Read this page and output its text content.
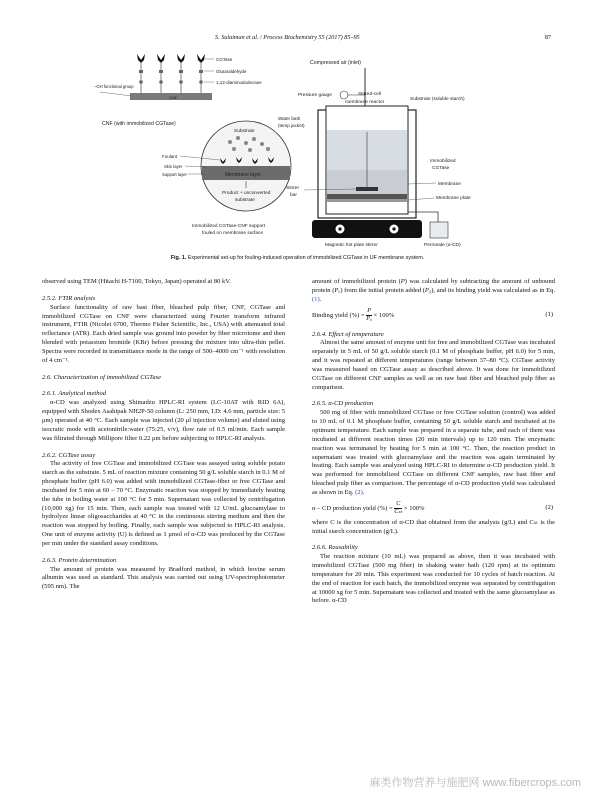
S. Sulaiman et al. / Process Biochemistry 55 (2017) 85–95	87
CGTase
Glutaraldehyde
1,12-diaminododecane
CNF
–OH functional group
CNF (with immobilized CGTase)
Membrane layer
Substrate
Foulant
Skin layer
Support layer
Product + unconverted
substrate
Immobilized CGTase-CNF support
fouled on membrane surface
Compressed air (inlet)
Pressure gauge	Stirred-cell
membrane reactor
Substrate (soluble starch)
Water bath
(temp jacket)
Stirrer
bar
Immobilized
CGTase
Membrane
Membrane plate
Magnetic hot plate stirrer	Permeate (α-CD)
Fig. 1. Experimental set-up for fouling-induced operation of immobilized CGTase in UF membrane system.

observed using TEM (Hitachi H-7100, Tokyo, Japan) operated at 80 kV.

2.5.2. FTIR analysis

Surface functionality of raw bast fiber, bleached pulp fiber, CNF, CGTase and immobilized CGTase on CNF were characterized using Fourier transform infrared instrument, FTIR (Nicolet 6700, Thermo Fisher Scientific, Inc., USA) with attenuated total reflectance (ATR). Each dried sample was ground into powder by fiber microtome and then blended with potassium bromide (KBr) before pressing the mixture into ultra-thin pellet. Spectra were recorded in transmittance mode in the range of 500–4000 cm⁻¹ with resolution of 4 cm⁻¹.

2.6. Characterization of immobilized CGTase

2.6.1. Analytical method

α-CD was analyzed using Shimadzu HPLC-RI system (LC-10AT with RID 6A), equipped with Shodex Asahipak NH2P-50 column (L: 250 mm, I.D: 4.6 mm, particle size: 5 μm) operated at 40 °C. Each sample was injected (20 μl injection volume) and eluted using isocratic mode with acetonitrile:water (75:25, v/v), flow rate of 0.5 ml/min. Each sample was filtrated through Millipore filter 0.22 μm before subjecting to HPLC-RI analysis.

2.6.2. CGTase assay

The activity of free CGTase and immobilized CGTase was assayed using soluble potato starch as the substrate. 5 mL of reaction mixture containing 50 g/L soluble starch in 0.1 M of phosphate buffer (pH 6.0) was added with immobilized CGTase-fiber or free CGTase and incubated for 5 min at 60 – 70 °C. Enzymatic reaction was stopped by immediately heating the tube in boiling water at 100 °C for 5 min. Supernatant was collected by centrifugation (10,000 xg) for 15 min. Then, each sample was treated with 12 U/mL glucoamylase to hydrolyze linear oligosaccharides at 40 °C in the continuous stirring medium and then the reaction was stopped by boiling. Finally, each sample was subjected to HPLC-RI analysis. One unit of enzyme activity (U) is defined as 1 μmol of α-CD was produced by the CGTase per min under the standard assay conditions.

2.6.3. Protein determination

The amount of protein was measured by Bradford method, in which bovine serum albumin was used as standard. This analysis was carried out using UV-spectrophotometer (595 nm). The

amount of immobilized protein (P) was calculated by subtracting the amount of unbound protein (Pᵤ) from the initial protein added (P₀), and its binding yield was calculated as in Eq. (1).

Binding yield (%) = $\frac{P}{\text{P₀}} \times 100\%$	(1)

2.6.4. Effect of temperature

Almost the same amount of enzyme unit for free and immobilized CGTase was incubated separately in 5 mL of 50 g/L soluble starch (0.1 M of phosphate buffer, pH 6.0) for 5 min, and it was repeated at different temperatures (range between 37–80 °C). CGTase activity was measured based on CGTase assay as described above. It was done for immobilized CGTase on different CNF samples as well as on raw bast fiber and bleached pulp fiber as comparison.

2.6.5. α-CD production

500 mg of fiber with immobilized CGTase or free CGTase solution (control) was added to 10 mL of 0.1 M phosphate buffer, containing 50 g/L soluble starch and incubated at its optimum temperature. Each sample was prepared in a separate tube, and each of them was incubated at different reaction times (20 min intervals) up to 120 min. The enzymatic reaction was terminated by heating for 5 min at 100 °C. Then, the reaction product in supernatant was treated with glucoamylase and the reaction was again terminated by heating. Each sample was analyzed using HPLC-RI to determine α-CD production yield. It was performed for immobilized CGTase on different CNF samples, raw bast fiber and bleached pulp fiber as comparison. The percentage of α-CD production yield was calculated as shown in Eq. (2).

α – CD production yield (%) = $\frac{C}{\text{Cₛₜ}} \times 100\%$	(2)

where C is the concentration of α-CD that obtained from the analysis (g/L) and Cₛₜ is the initial starch concentration (g/L).

2.6.6. Reusability

The reaction mixture (10 mL) was prepared as above, then it was incubated with immobilized CGTase (500 mg fiber) in shaking water bath (120 rpm) at its optimum temperature for 20 min. This experiment was conducted for 10 cycles of batch reaction. At the end of reaction for each batch, the immobilized enzyme was separated by centrifugation at 10000 xg for 5 min. Supernatant was collected and treated with the same glucoamylase as before. α-CD

麻类作物营养与施肥网 www.fibercrops.com
